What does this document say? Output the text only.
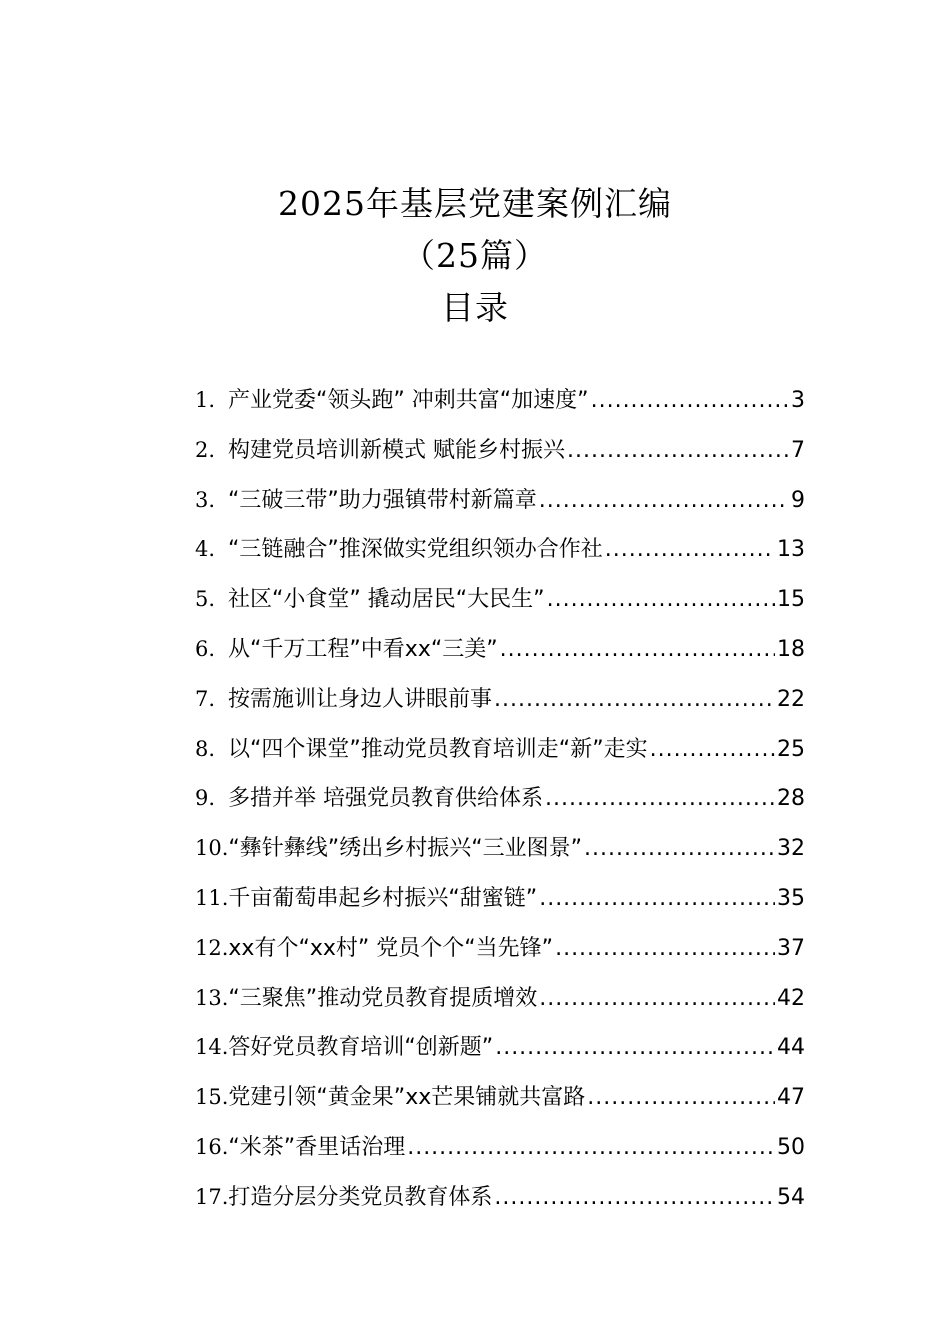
2025年基层党建案例汇编
（25篇）
目录
1. 产业党委“领头跑” 冲刺共富“加速度” .....	3
2. 构建党员培训新模式 赋能乡村振兴 .....	7
3. “三破三带”助力强镇带村新篇章 .....	9
4. “三链融合”推深做实党组织领办合作社 .....	13
5. 社区“小食堂” 撬动居民“大民生” .....	15
6. 从“千万工程”中看xx“三美” .....	18
7. 按需施训让身边人讲眼前事 .....	22
8. 以“四个课堂”推动党员教育培训走“新”走实 .....	25
9. 多措并举 培强党员教育供给体系 .....	28
10. “彝针彝线”绣出乡村振兴“三业图景” .....	32
11. 千亩葡萄串起乡村振兴“甜蜜链” .....	35
12. xx有个“xx村” 党员个个“当先锋” .....	37
13. “三聚焦”推动党员教育提质增效 .....	42
14. 答好党员教育培训“创新题” .....	44
15. 党建引领“黄金果”xx芒果铺就共富路 .....	47
16. “米茶”香里话治理 .....	50
17. 打造分层分类党员教育体系 .....	54
